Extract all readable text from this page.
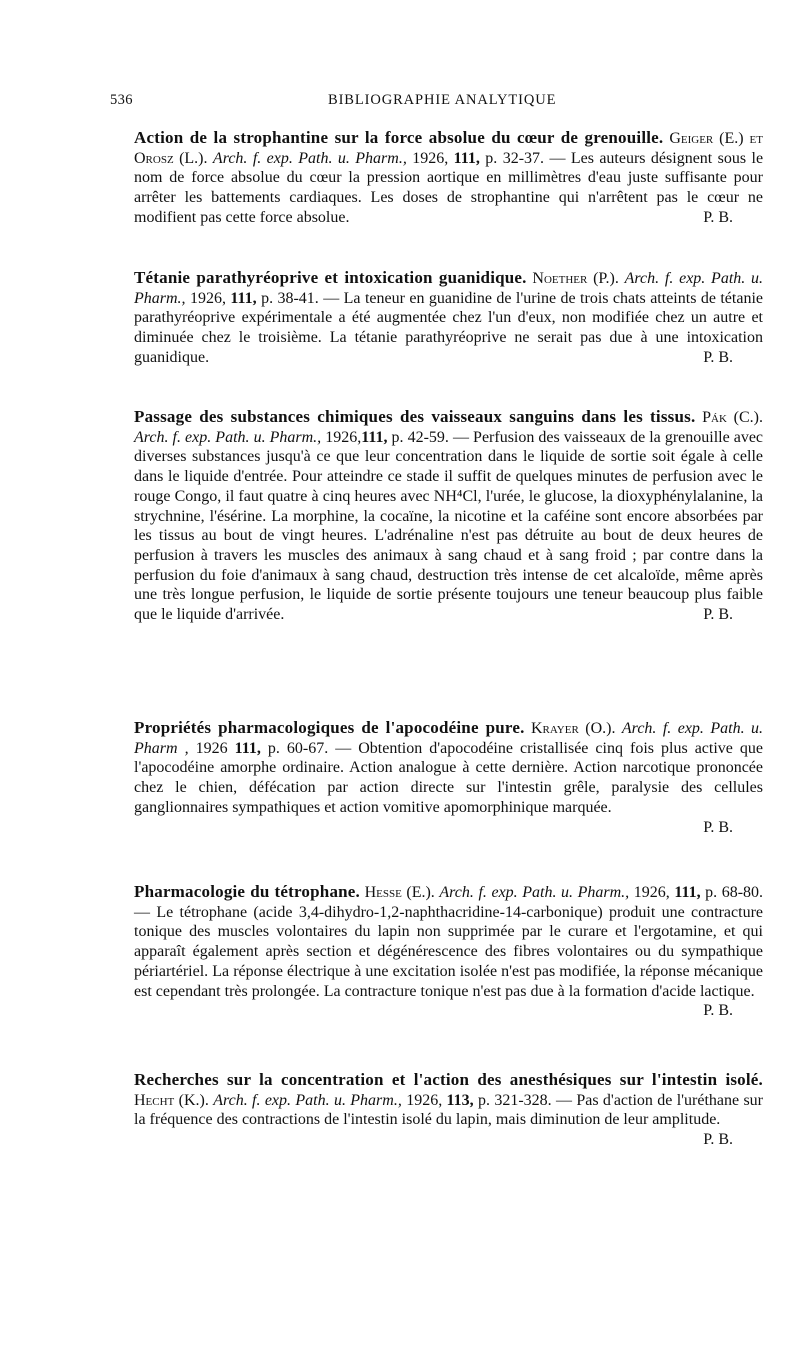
536	BIBLIOGRAPHIE ANALYTIQUE

Action de la strophantine sur la force absolue du cœur de grenouille. Geiger (E.) et Orosz (L.). Arch. f. exp. Path. u. Pharm., 1926, 111, p. 32-37. — Les auteurs désignent sous le nom de force absolue du cœur la pression aortique en millimètres d'eau juste suffisante pour arrêter les battements cardiaques. Les doses de strophantine qui n'arrêtent pas le cœur ne modifient pas cette force absolue.	P. B.

Tétanie parathyréoprive et intoxication guanidique. Noether (P.). Arch. f. exp. Path. u. Pharm., 1926, 111, p. 38-41. — La teneur en guanidine de l'urine de trois chats atteints de tétanie parathyréoprive expérimentale a été augmentée chez l'un d'eux, non modifiée chez un autre et diminuée chez le troisième. La tétanie parathyréoprive ne serait pas due à une intoxication guanidique.	P. B.

Passage des substances chimiques des vaisseaux sanguins dans les tissus. Pák (C.). Arch. f. exp. Path. u. Pharm., 1926,111, p. 42-59. — Perfusion des vaisseaux de la grenouille avec diverses substances jusqu'à ce que leur concentration dans le liquide de sortie soit égale à celle dans le liquide d'entrée. Pour atteindre ce stade il suffit de quelques minutes de perfusion avec le rouge Congo, il faut quatre à cinq heures avec NH⁴Cl, l'urée, le glucose, la dioxyphénylalanine, la strychnine, l'ésérine. La morphine, la cocaïne, la nicotine et la caféine sont encore absorbées par les tissus au bout de vingt heures. L'adrénaline n'est pas détruite au bout de deux heures de perfusion à travers les muscles des animaux à sang chaud et à sang froid ; par contre dans la perfusion du foie d'animaux à sang chaud, destruction très intense de cet alcaloïde, même après une très longue perfusion, le liquide de sortie présente toujours une teneur beaucoup plus faible que le liquide d'arrivée.	P. B.

Propriétés pharmacologiques de l'apocodéine pure. Krayer (O.). Arch. f. exp. Path. u. Pharm , 1926 111, p. 60-67. — Obtention d'apocodéine cristallisée cinq fois plus active que l'apocodéine amorphe ordinaire. Action analogue à cette dernière. Action narcotique prononcée chez le chien, défécation par action directe sur l'intestin grêle, paralysie des cellules ganglionnaires sympathiques et action vomitive apomorphinique marquée.
P. B.

Pharmacologie du tétrophane. Hesse (E.). Arch. f. exp. Path. u. Pharm., 1926, 111, p. 68-80. — Le tétrophane (acide 3,4-dihydro-1,2-naphthacridine-14-carbonique) produit une contracture tonique des muscles volontaires du lapin non supprimée par le curare et l'ergotamine, et qui apparaît également après section et dégénérescence des fibres volontaires ou du sympathique périartériel. La réponse électrique à une excitation isolée n'est pas modifiée, la réponse mécanique est cependant très prolongée. La contracture tonique n'est pas due à la formation d'acide lactique.
P. B.

Recherches sur la concentration et l'action des anesthésiques sur l'intestin isolé. Hecht (K.). Arch. f. exp. Path. u. Pharm., 1926, 113, p. 321-328. — Pas d'action de l'uréthane sur la fréquence des contractions de l'intestin isolé du lapin, mais diminution de leur amplitude.
P. B.
